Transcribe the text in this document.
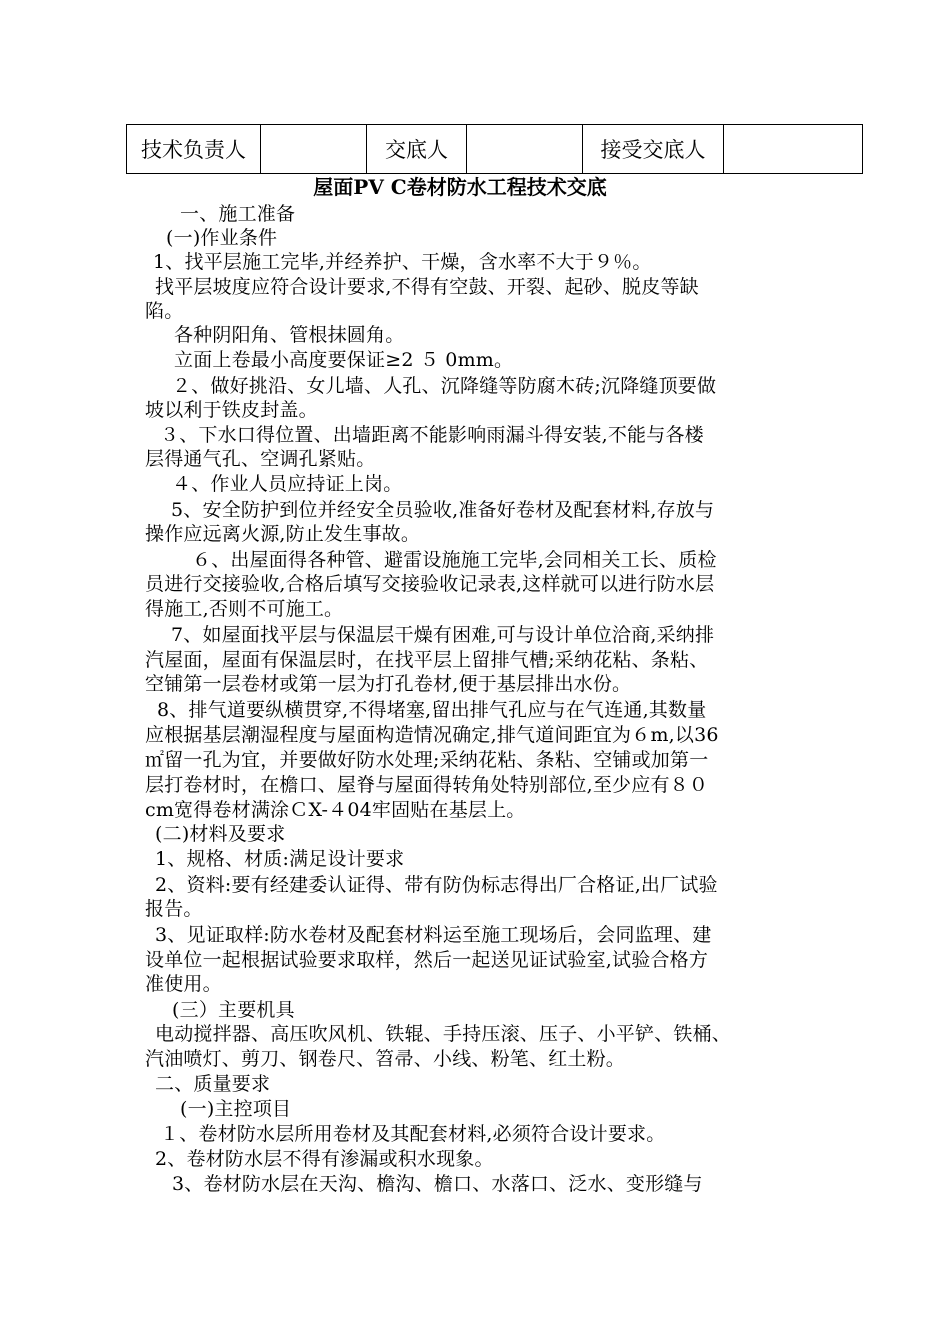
技术负责人		交底人		接受交底人	
屋面PV C卷材防水工程技术交底
一、施工准备
(一)作业条件
1、找平层施工完毕,并经养护、干燥，含水率不大于９％。
找平层坡度应符合设计要求,不得有空鼓、开裂、起砂、脱皮等缺
陷。
各种阴阳角、管根抹圆角。
立面上卷最小高度要保证≥2 ５ 0mm。
２、做好挑沿、女儿墙、人孔、沉降缝等防腐木砖;沉降缝顶要做
坡以利于铁皮封盖。
３、下水口得位置、出墙距离不能影响雨漏斗得安装,不能与各楼
层得通气孔、空调孔紧贴。
４、作业人员应持证上岗。
5、安全防护到位并经安全员验收,准备好卷材及配套材料,存放与
操作应远离火源,防止发生事故。
６、出屋面得各种管、避雷设施施工完毕,会同相关工长、质检
员进行交接验收,合格后填写交接验收记录表,这样就可以进行防水层
得施工,否则不可施工。
7、如屋面找平层与保温层干燥有困难,可与设计单位洽商,采纳排
汽屋面，屋面有保温层时，在找平层上留排气槽;采纳花粘、条粘、
空铺第一层卷材或第一层为打孔卷材,便于基层排出水份。
8、排气道要纵横贯穿,不得堵塞,留出排气孔应与在气连通,其数量
应根据基层潮湿程度与屋面构造情况确定,排气道间距宜为６m,以36
㎡留一孔为宜，并要做好防水处理;采纳花粘、条粘、空铺或加第一
层打卷材时，在檐口、屋脊与屋面得转角处特别部位,至少应有８０
cm宽得卷材满涂ＣX-４04牢固贴在基层上。
(二)材料及要求
1、规格、材质:满足设计要求
2、资料:要有经建委认证得、带有防伪标志得出厂合格证,出厂试验
报告。
3、见证取样:防水卷材及配套材料运至施工现场后，会同监理、建
设单位一起根据试验要求取样，然后一起送见证试验室,试验合格方
准使用。
(三）主要机具
电动搅拌器、高压吹风机、铁辊、手持压滚、压子、小平铲、铁桶、
汽油喷灯、剪刀、钢卷尺、笤帚、小线、粉笔、红土粉。
二、质量要求
(一)主控项目
１、卷材防水层所用卷材及其配套材料,必须符合设计要求。
2、卷材防水层不得有渗漏或积水现象。
3、卷材防水层在天沟、檐沟、檐口、水落口、泛水、变形缝与
